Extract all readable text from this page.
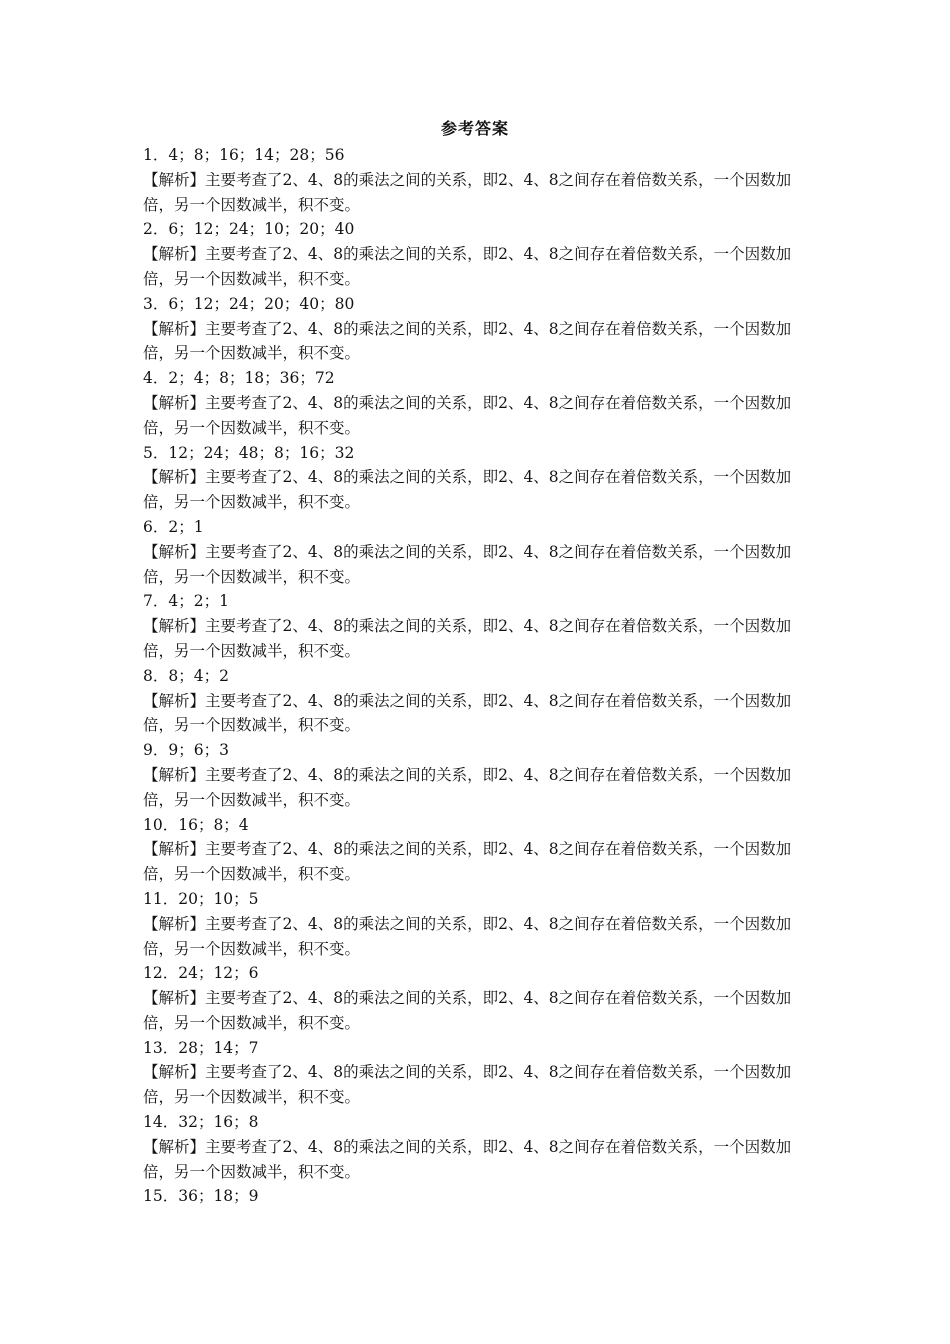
参考答案
1．4；8；16；14；28；56
【解析】主要考查了2、4、8的乘法之间的关系，即2、4、8之间存在着倍数关系，一个因数加倍，另一个因数减半，积不变。
2．6；12；24；10；20；40
【解析】主要考查了2、4、8的乘法之间的关系，即2、4、8之间存在着倍数关系，一个因数加倍，另一个因数减半，积不变。
3．6；12；24；20；40；80
【解析】主要考查了2、4、8的乘法之间的关系，即2、4、8之间存在着倍数关系，一个因数加倍，另一个因数减半，积不变。
4．2；4；8；18；36；72
【解析】主要考查了2、4、8的乘法之间的关系，即2、4、8之间存在着倍数关系，一个因数加倍，另一个因数减半，积不变。
5．12；24；48；8；16；32
【解析】主要考查了2、4、8的乘法之间的关系，即2、4、8之间存在着倍数关系，一个因数加倍，另一个因数减半，积不变。
6．2；1
【解析】主要考查了2、4、8的乘法之间的关系，即2、4、8之间存在着倍数关系，一个因数加倍，另一个因数减半，积不变。
7．4；2；1
【解析】主要考查了2、4、8的乘法之间的关系，即2、4、8之间存在着倍数关系，一个因数加倍，另一个因数减半，积不变。
8．8；4；2
【解析】主要考查了2、4、8的乘法之间的关系，即2、4、8之间存在着倍数关系，一个因数加倍，另一个因数减半，积不变。
9．9；6；3
【解析】主要考查了2、4、8的乘法之间的关系，即2、4、8之间存在着倍数关系，一个因数加倍，另一个因数减半，积不变。
10．16；8；4
【解析】主要考查了2、4、8的乘法之间的关系，即2、4、8之间存在着倍数关系，一个因数加倍，另一个因数减半，积不变。
11．20；10；5
【解析】主要考查了2、4、8的乘法之间的关系，即2、4、8之间存在着倍数关系，一个因数加倍，另一个因数减半，积不变。
12．24；12；6
【解析】主要考查了2、4、8的乘法之间的关系，即2、4、8之间存在着倍数关系，一个因数加倍，另一个因数减半，积不变。
13．28；14；7
【解析】主要考查了2、4、8的乘法之间的关系，即2、4、8之间存在着倍数关系，一个因数加倍，另一个因数减半，积不变。
14．32；16；8
【解析】主要考查了2、4、8的乘法之间的关系，即2、4、8之间存在着倍数关系，一个因数加倍，另一个因数减半，积不变。
15．36；18；9
